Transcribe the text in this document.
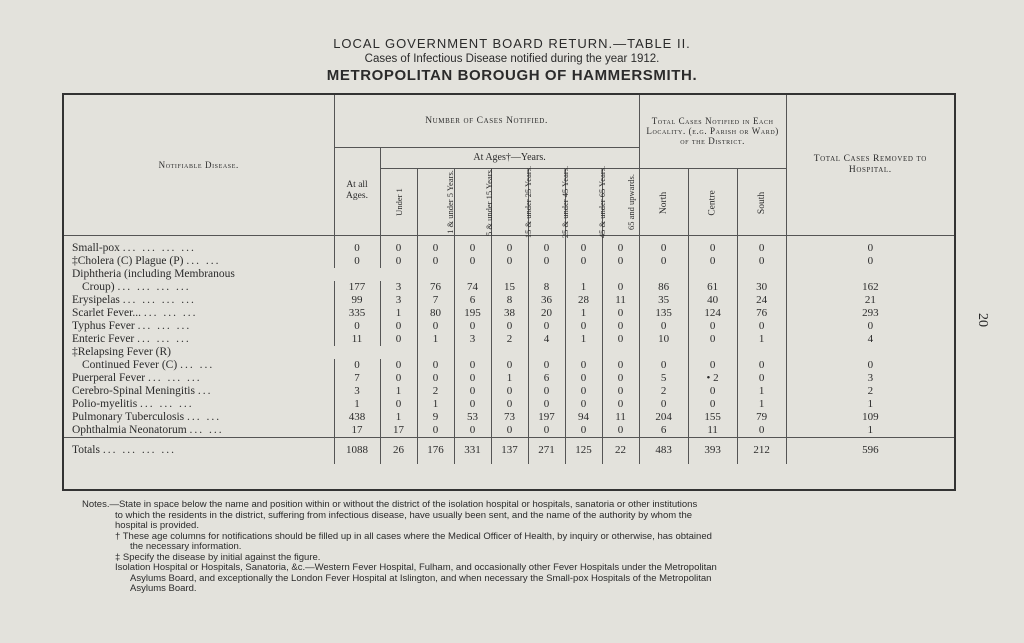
LOCAL GOVERNMENT BOARD RETURN.—TABLE II.
Cases of Infectious Disease notified during the year 1912.
METROPOLITAN BOROUGH OF HAMMERSMITH.
20
Notifiable Disease.	Number of Cases Notified.								Total Cases Notified in Each Locality. (e.g. Parish or Ward) of the District.			Total Cases Removed to Hospital.
	At all Ages.	At Ages†—Years.										
		Under 1	1 & under 5 Years.	5 & under 15 Years.	15 & under 25 Years.	25 & under 45 Years.	45 & under 65 Years.	65 and upwards.	North	Centre	South	
Small-pox ... ... ... ...	0	0	0	0	0	0	0	0	0	0	0	0
‡Cholera (C) Plague (P) ... ...	0	0	0	0	0	0	0	0	0	0	0	0
Diphtheria (including Membranous												
Croup) ... ... ... ...	177	3	76	74	15	8	1	0	86	61	30	162
Erysipelas ... ... ... ...	99	3	7	6	8	36	28	11	35	40	24	21
Scarlet Fever... ... ... ...	335	1	80	195	38	20	1	0	135	124	76	293
Typhus Fever ... ... ...	0	0	0	0	0	0	0	0	0	0	0	0
Enteric Fever ... ... ...	11	0	1	3	2	4	1	0	10	0	1	4
‡Relapsing Fever (R)												
Continued Fever (C) ... ...	0	0	0	0	0	0	0	0	0	0	0	0
Puerperal Fever ... ... ...	7	0	0	0	1	6	0	0	5	• 2	0	3
Cerebro-Spinal Meningitis ...	3	1	2	0	0	0	0	0	2	0	1	2
Polio-myelitis ... ... ...	1	0	1	0	0	0	0	0	0	0	1	1
Pulmonary Tuberculosis ... ...	438	1	9	53	73	197	94	11	204	155	79	109
Ophthalmia Neonatorum ... ...	17	17	0	0	0	0	0	0	6	11	0	1
Totals ... ... ... ...	1088	26	176	331	137	271	125	22	483	393	212	596

Notes.—State in space below the name and position within or without the district of the isolation hospital or hospitals, sanatoria or other institutions

to which the residents in the district, suffering from infectious disease, have usually been sent, and the name of the authority by whom the

hospital is provided.

† These age columns for notifications should be filled up in all cases where the Medical Officer of Health, by inquiry or otherwise, has obtained

the necessary information.

‡ Specify the disease by initial against the figure.

Isolation Hospital or Hospitals, Sanatoria, &c.—Western Fever Hospital, Fulham, and occasionally other Fever Hospitals under the Metropolitan

Asylums Board, and exceptionally the London Fever Hospital at Islington, and when necessary the Small-pox Hospitals of the Metropolitan

Asylums Board.
